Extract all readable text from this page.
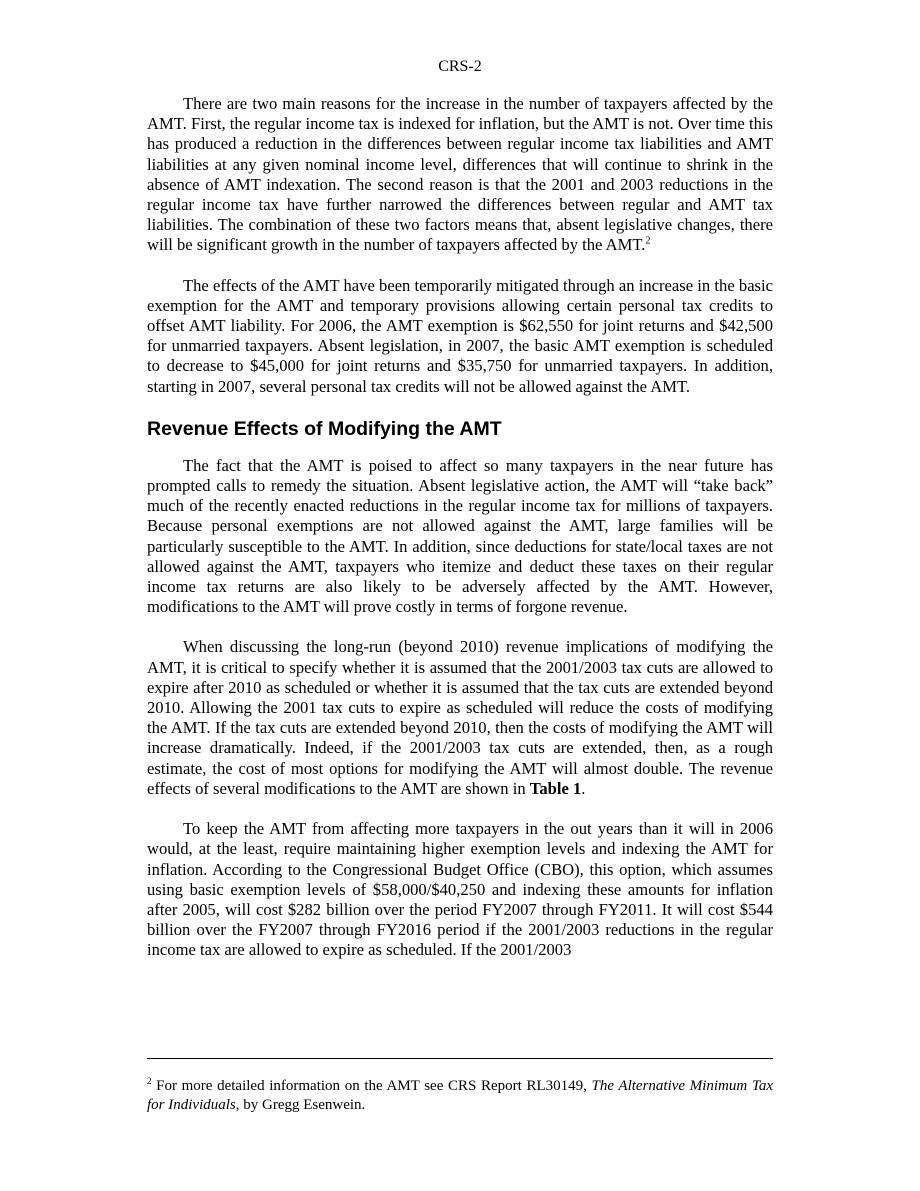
CRS-2

There are two main reasons for the increase in the number of taxpayers affected by the AMT. First, the regular income tax is indexed for inflation, but the AMT is not. Over time this has produced a reduction in the differences between regular income tax liabilities and AMT liabilities at any given nominal income level, differences that will continue to shrink in the absence of AMT indexation. The second reason is that the 2001 and 2003 reductions in the regular income tax have further narrowed the differences between regular and AMT tax liabilities. The combination of these two factors means that, absent legislative changes, there will be significant growth in the number of taxpayers affected by the AMT.$^2$

The effects of the AMT have been temporarily mitigated through an increase in the basic exemption for the AMT and temporary provisions allowing certain personal tax credits to offset AMT liability. For 2006, the AMT exemption is $62,550 for joint returns and $42,500 for unmarried taxpayers. Absent legislation, in 2007, the basic AMT exemption is scheduled to decrease to $45,000 for joint returns and $35,750 for unmarried taxpayers. In addition, starting in 2007, several personal tax credits will not be allowed against the AMT.

Revenue Effects of Modifying the AMT

The fact that the AMT is poised to affect so many taxpayers in the near future has prompted calls to remedy the situation. Absent legislative action, the AMT will “take back” much of the recently enacted reductions in the regular income tax for millions of taxpayers. Because personal exemptions are not allowed against the AMT, large families will be particularly susceptible to the AMT. In addition, since deductions for state/local taxes are not allowed against the AMT, taxpayers who itemize and deduct these taxes on their regular income tax returns are also likely to be adversely affected by the AMT. However, modifications to the AMT will prove costly in terms of forgone revenue.

When discussing the long-run (beyond 2010) revenue implications of modifying the AMT, it is critical to specify whether it is assumed that the 2001/2003 tax cuts are allowed to expire after 2010 as scheduled or whether it is assumed that the tax cuts are extended beyond 2010. Allowing the 2001 tax cuts to expire as scheduled will reduce the costs of modifying the AMT. If the tax cuts are extended beyond 2010, then the costs of modifying the AMT will increase dramatically. Indeed, if the 2001/2003 tax cuts are extended, then, as a rough estimate, the cost of most options for modifying the AMT will almost double. The revenue effects of several modifications to the AMT are shown in Table 1.

To keep the AMT from affecting more taxpayers in the out years than it will in 2006 would, at the least, require maintaining higher exemption levels and indexing the AMT for inflation. According to the Congressional Budget Office (CBO), this option, which assumes using basic exemption levels of $58,000/$40,250 and indexing these amounts for inflation after 2005, will cost $282 billion over the period FY2007 through FY2011. It will cost $544 billion over the FY2007 through FY2016 period if the 2001/2003 reductions in the regular income tax are allowed to expire as scheduled. If the 2001/2003

$^2$ For more detailed information on the AMT see CRS Report RL30149, The Alternative Minimum Tax for Individuals, by Gregg Esenwein.
